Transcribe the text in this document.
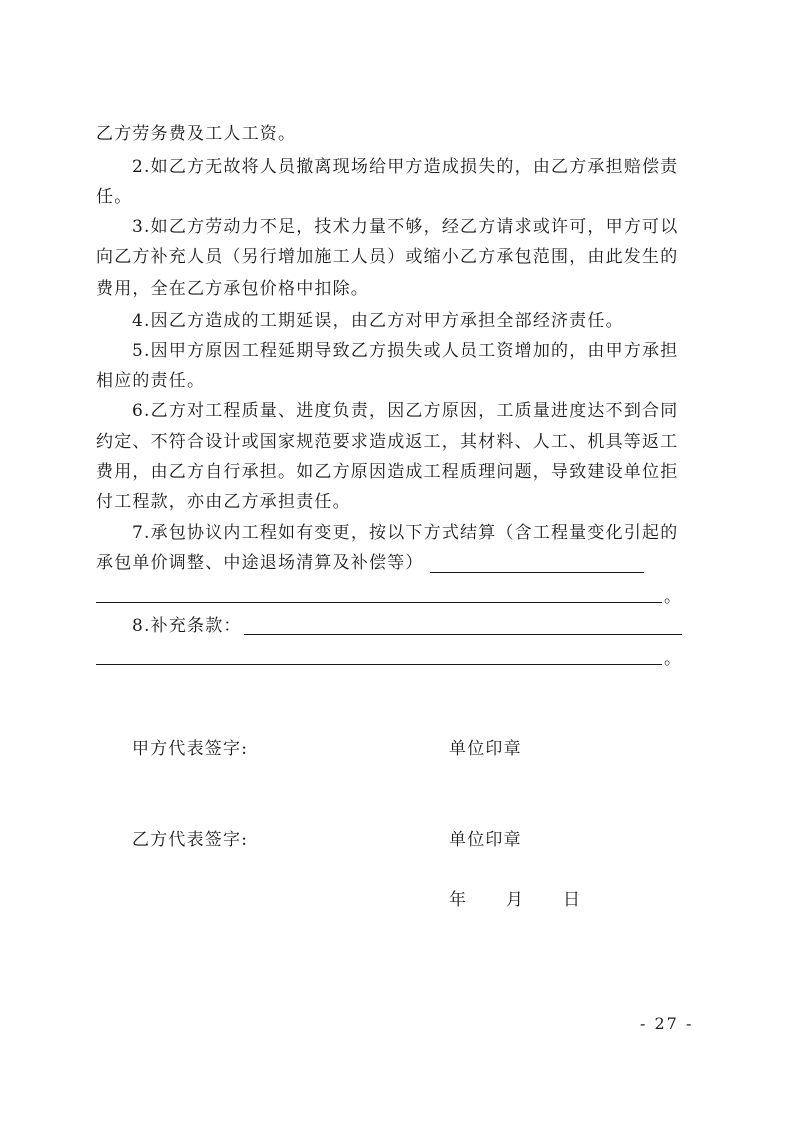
乙方劳务费及工人工资。
2.如乙方无故将人员撤离现场给甲方造成损失的，由乙方承担赔偿责
任。
3.如乙方劳动力不足，技术力量不够，经乙方请求或许可，甲方可以
向乙方补充人员（另行增加施工人员）或缩小乙方承包范围，由此发生的
费用，全在乙方承包价格中扣除。
4.因乙方造成的工期延误，由乙方对甲方承担全部经济责任。
5.因甲方原因工程延期导致乙方损失或人员工资增加的，由甲方承担
相应的责任。
6.乙方对工程质量、进度负责，因乙方原因，工质量进度达不到合同
约定、不符合设计或国家规范要求造成返工，其材料、人工、机具等返工
费用，由乙方自行承担。如乙方原因造成工程质理问题，导致建设单位拒
付工程款，亦由乙方承担责任。
7.承包协议内工程如有变更，按以下方式结算（含工程量变化引起的
承包单价调整、中途退场清算及补偿等）
。
8.补充条款：
。
甲方代表签字:	单位印章
乙方代表签字:	单位印章
年 月 日
- 27 -
